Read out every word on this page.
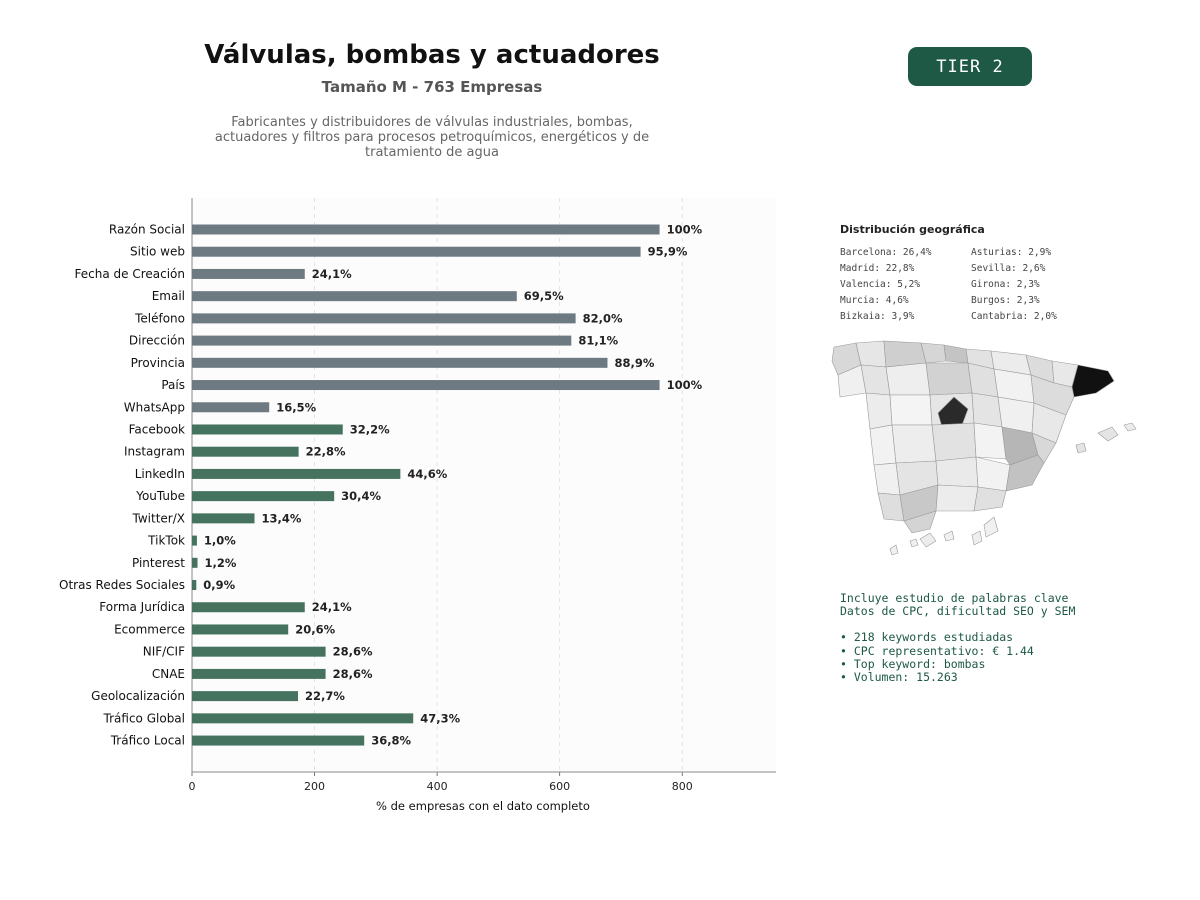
Válvulas, bombas y actuadores
Tamaño M - 763 Empresas
Fabricantes y distribuidores de válvulas industriales, bombas, actuadores y filtros para procesos petroquímicos, energéticos y de tratamiento de agua
TIER 2
0	200	400	600	800
Razón Social	100%
Sitio web	95,9%
Fecha de Creación	24,1%
Email	69,5%
Teléfono	82,0%
Dirección	81,1%
Provincia	88,9%
País	100%
WhatsApp	16,5%
Facebook	32,2%
Instagram	22,8%
LinkedIn	44,6%
YouTube	30,4%
Twitter/X	13,4%
TikTok 1,0%
Pinterest 1,2%
Otras Redes Sociales 0,9%
Forma Jurídica	24,1%
Ecommerce	20,6%
NIF/CIF	28,6%
CNAE	28,6%
Geolocalización	22,7%
Tráfico Global	47,3%
Tráfico Local	36,8%
% de empresas con el dato completo
Distribución geográfica
Barcelona: 26,4%	Asturias: 2,9%
Madrid: 22,8%	Sevilla: 2,6%
Valencia: 5,2%	Girona: 2,3%
Murcia: 4,6%	Burgos: 2,3%
Bizkaia: 3,9%	Cantabria: 2,0%
Incluye estudio de palabras clave
Datos de CPC, dificultad SEO y SEM
• 218 keywords estudiadas
• CPC representativo: € 1.44
• Top keyword: bombas
• Volumen: 15.263
